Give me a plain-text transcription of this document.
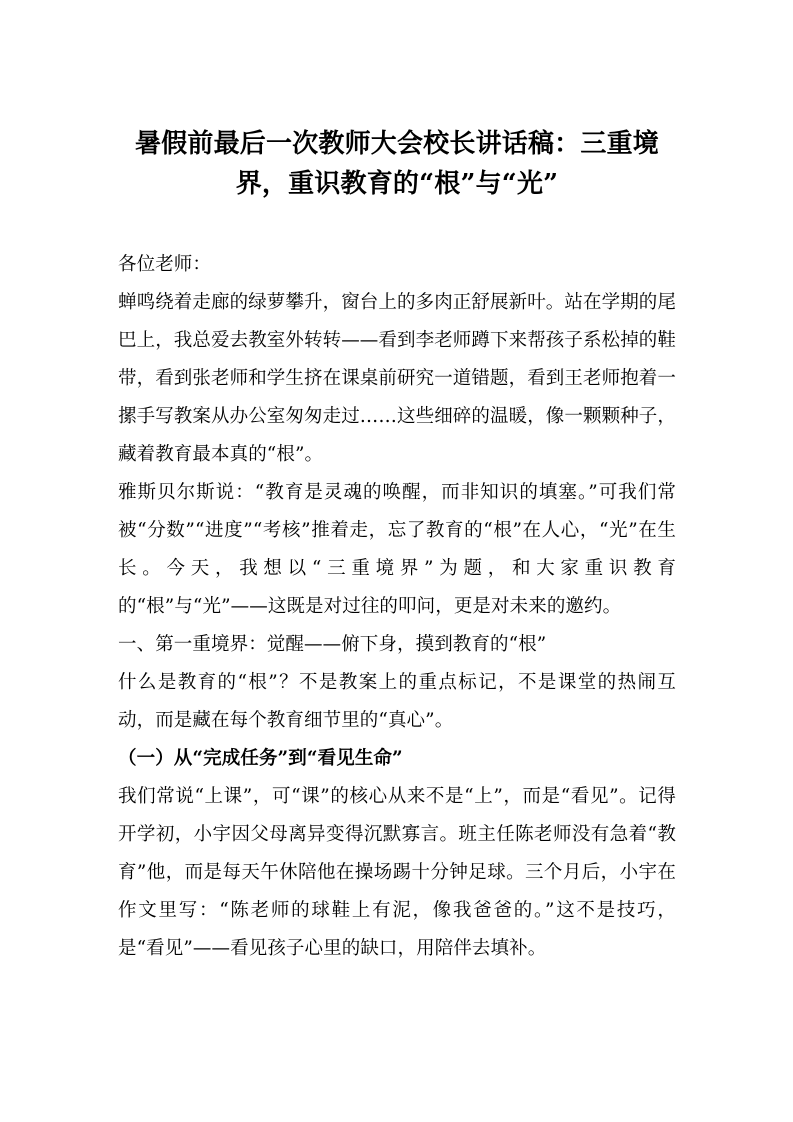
暑假前最后一次教师大会校长讲话稿：三重境界，重识教育的“根”与“光”

各位老师：

蝉鸣绕着走廊的绿萝攀升，窗台上的多肉正舒展新叶。站在学期的尾巴上，我总爱去教室外转转——看到李老师蹲下来帮孩子系松掉的鞋带，看到张老师和学生挤在课桌前研究一道错题，看到王老师抱着一摞手写教案从办公室匆匆走过……这些细碎的温暖，像一颗颗种子，藏着教育最本真的“根”。

雅斯贝尔斯说：“教育是灵魂的唤醒，而非知识的填塞。”可我们常被“分数”“进度”“考核”推着走，忘了教育的“根”在人心，“光”在生长。今天，我想以“三重境界”为题，和大家重识教育的“根”与“光”——这既是对过往的叩问，更是对未来的邀约。

一、第一重境界：觉醒——俯下身，摸到教育的“根”

什么是教育的“根”？不是教案上的重点标记，不是课堂的热闹互动，而是藏在每个教育细节里的“真心”。

（一）从“完成任务”到“看见生命”

我们常说“上课”，可“课”的核心从来不是“上”，而是“看见”。记得开学初，小宇因父母离异变得沉默寡言。班主任陈老师没有急着“教育”他，而是每天午休陪他在操场踢十分钟足球。三个月后，小宇在作文里写：“陈老师的球鞋上有泥，像我爸爸的。”这不是技巧，是“看见”——看见孩子心里的缺口，用陪伴去填补。
